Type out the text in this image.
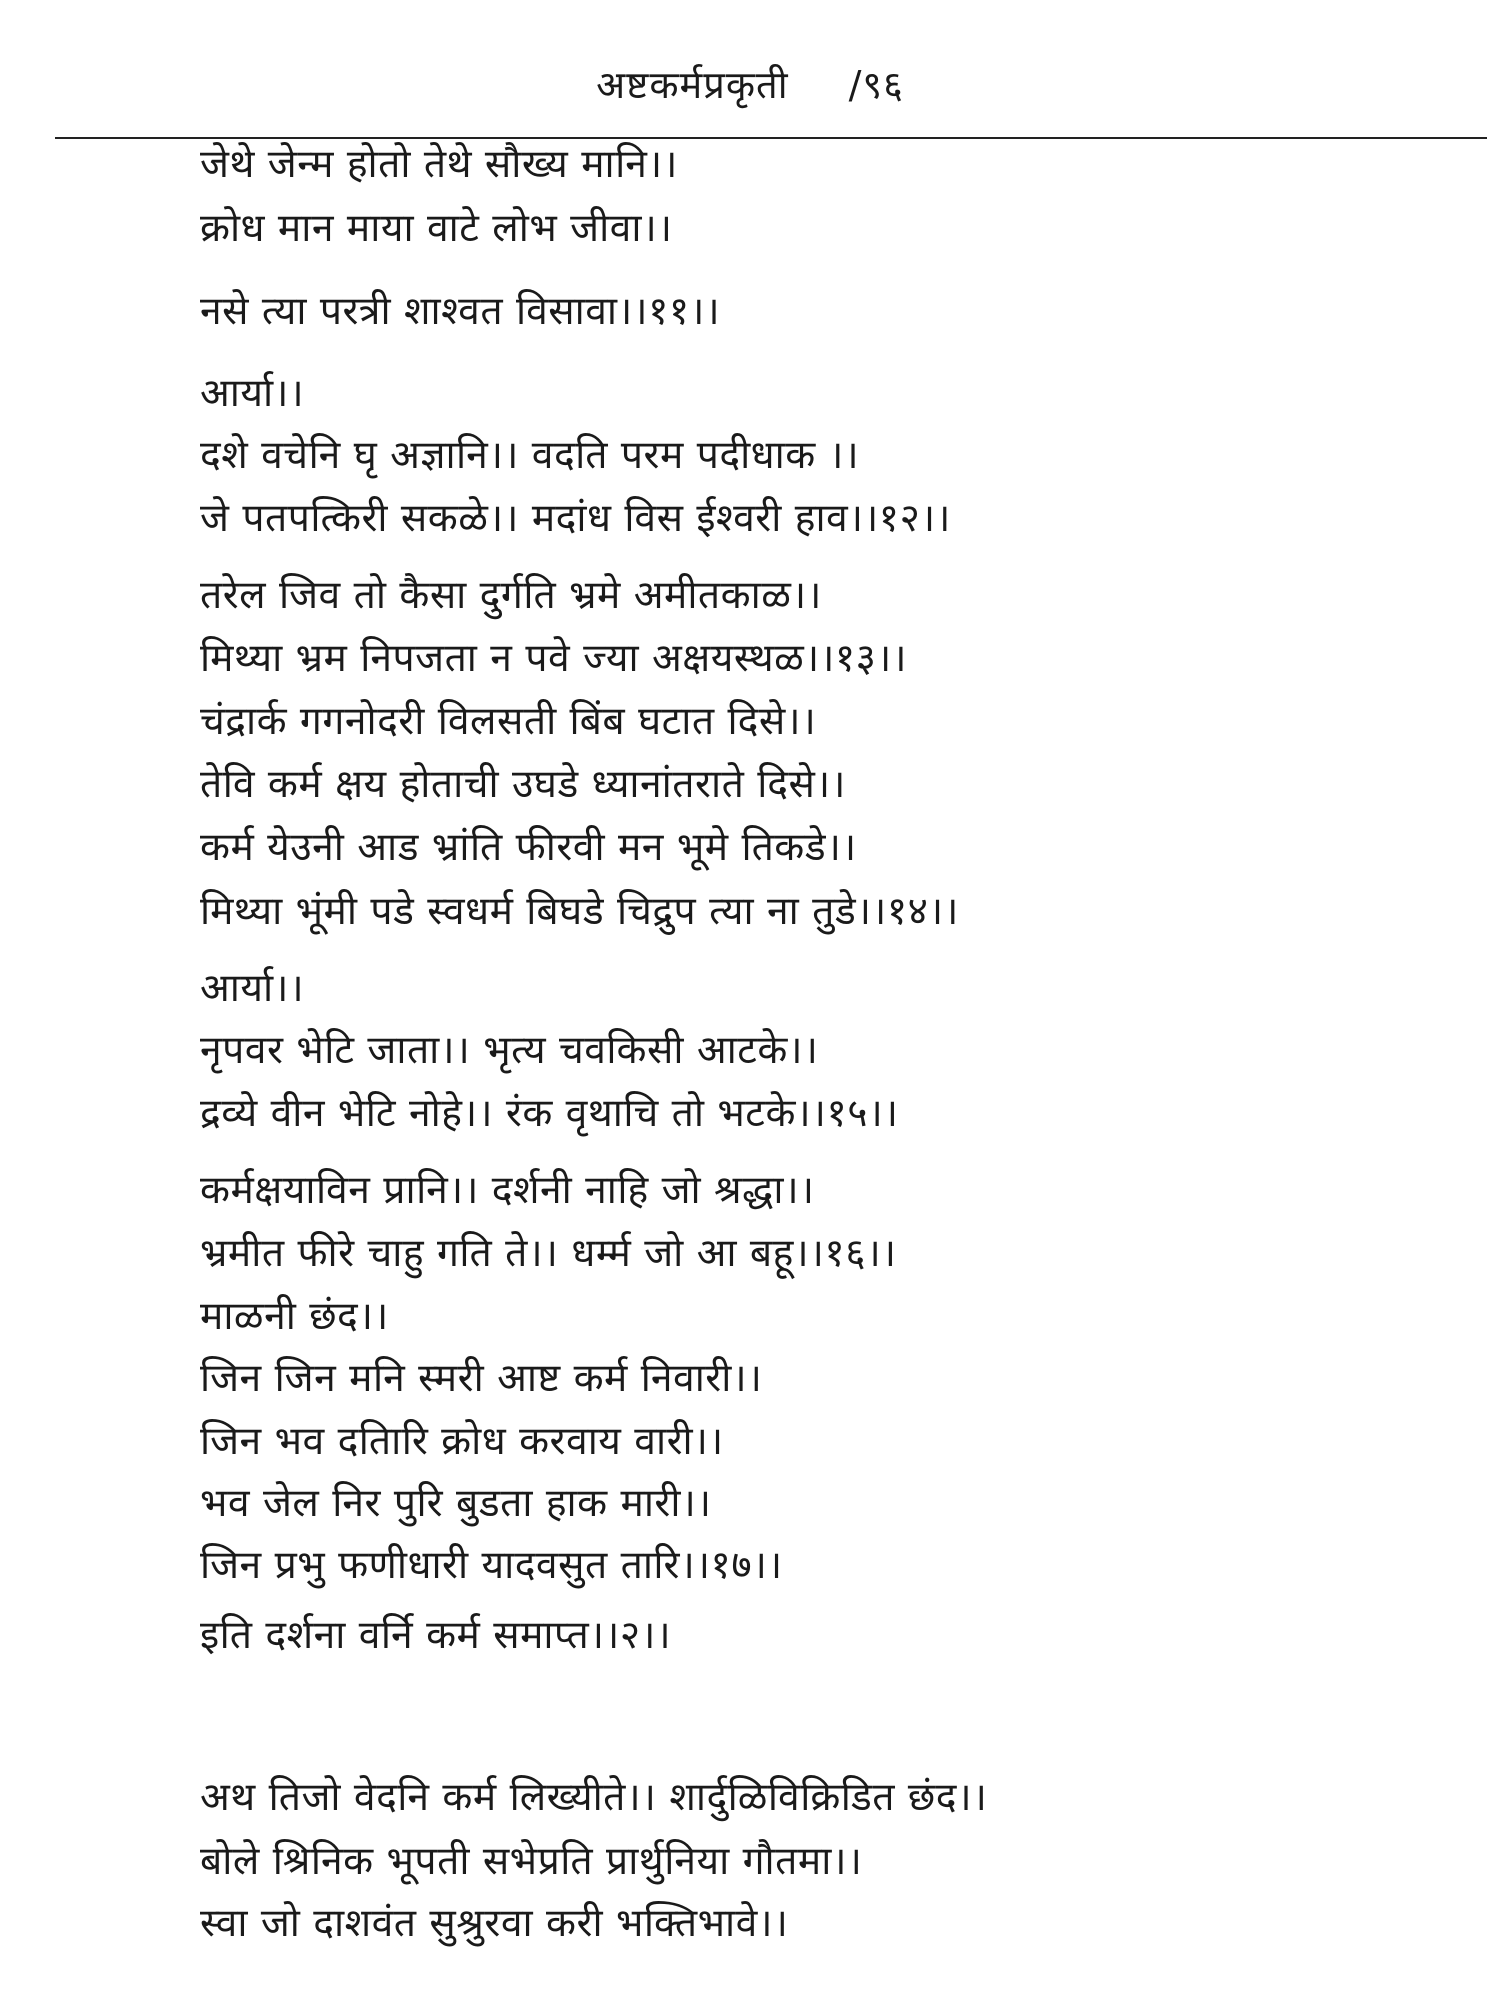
अष्टकर्मप्रकृती /९६
जेथे जेन्म होतो तेथे सौख्य मानि।।
क्रोध मान माया वाटे लोभ जीवा।।
नसे त्या परत्री शाश्वत विसावा।।११।।
आर्या।।
दशे वचेनि घृ अज्ञानि।। वदति परम पदीधाक ।।
जे पतपत्किरी सकळे।। मदांध विस ईश्वरी हाव।।१२।।
तरेल जिव तो कैसा दुर्गति भ्रमे अमीतकाळ।।
मिथ्या भ्रम निपजता न पवे ज्या अक्षयस्थळ।।१३।।
चंद्रार्क गगनोदरी विलसती बिंब घटात दिसे।।
तेवि कर्म क्षय होताची उघडे ध्यानांतराते दिसे।।
कर्म येउनी आड भ्रांति फीरवी मन भूमे तिकडे।।
मिथ्या भूंमी पडे स्वधर्म बिघडे चिद्रुप त्या ना तुडे।।१४।।
आर्या।।
नृपवर भेटि जाता।। भृत्य चवकिसी आटके।।
द्रव्ये वीन भेटि नोहे।। रंक वृथाचि तो भटके।।१५।।
कर्मक्षयाविन प्रानि।। दर्शनी नाहि जो श्रद्धा।।
भ्रमीत फीरे चाहु गति ते।। धर्म्म जो आ बहू।।१६।।
माळनी छंद।।
जिन जिन मनि स्मरी आष्ट कर्म निवारी।।
जिन भव दतािरि क्रोध करवाय वारी।।
भव जेल निर पुरि बुडता हाक मारी।।
जिन प्रभु फणीधारी यादवसुत तारि।।१७।।
इति दर्शना वर्नि कर्म समाप्त।।२।।
अथ तिजो वेदनि कर्म लिख्यीते।। शार्दुळिविक्रिडित छंद।।
बोले श्रिनिक भूपती सभेप्रति प्रार्थुनिया गौतमा।।
स्वा जो दाशवंत सुश्रुरवा करी भक्तिभावे।।
